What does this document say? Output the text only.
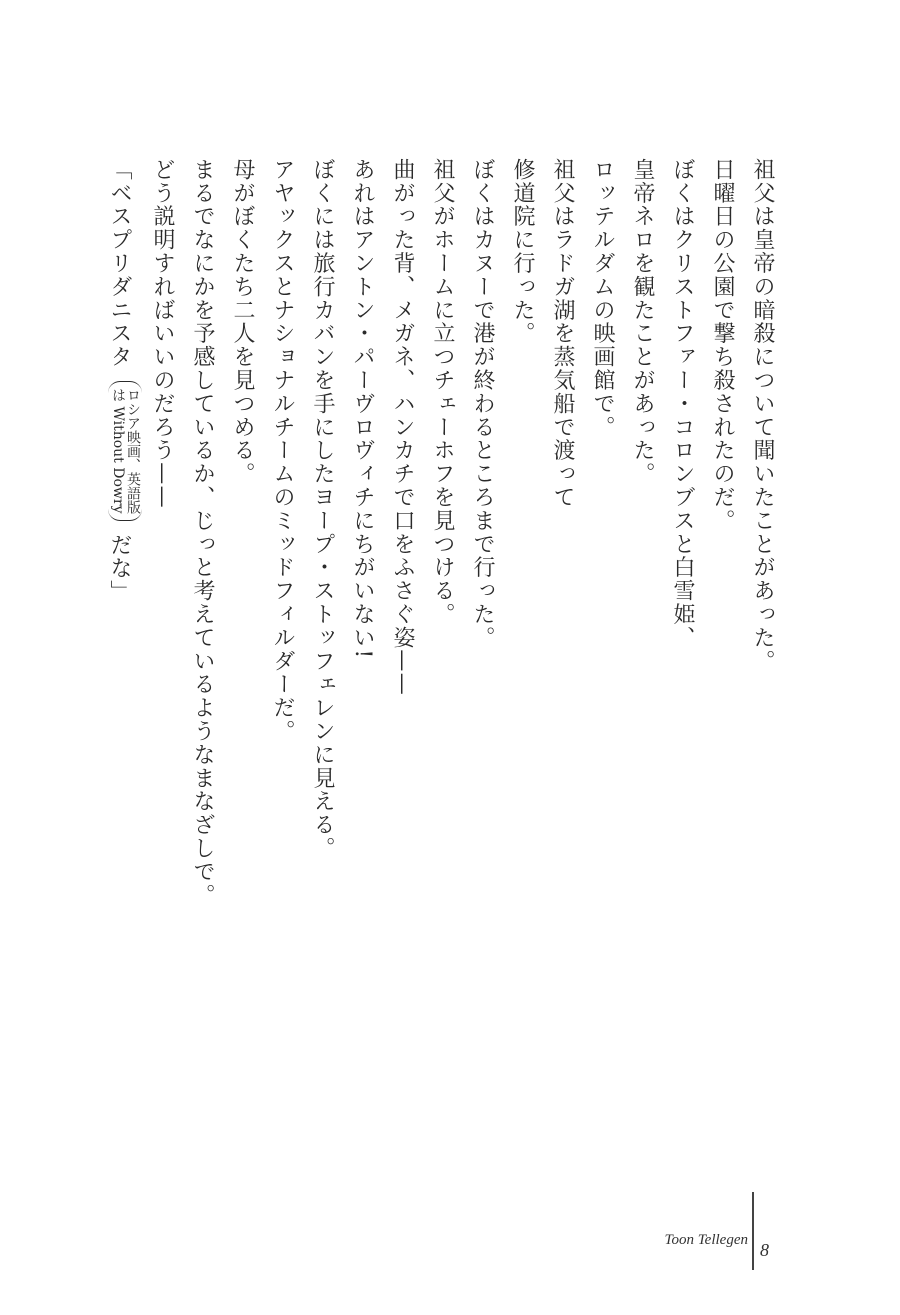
祖父は皇帝の暗殺について聞いたことがあった。
日曜日の公園で撃ち殺されたのだ。
ぼくはクリストファー・コロンブスと白雪姫、
皇帝ネロを観たことがあった。
ロッテルダムの映画館で。
祖父はラドガ湖を蒸気船で渡って
修道院に行った。
ぼくはカヌーで港が終わるところまで行った。
祖父がホームに立つチェーホフを見つける。
曲がった背、メガネ、ハンカチで口をふさぐ姿——
あれはアントン・パーヴロヴィチにちがいない!
ぼくには旅行カバンを手にしたヨープ・ストッフェレンに見える。
アヤックスとナショナルチームのミッドフィルダーだ。
母がぼくたち二人を見つめる。
まるでなにかを予感しているか、じっと考えているようなまなざしで。
どう説明すればいいのだろう——
「ベスプリダニスタ
ロシア映画、英語版
は Without Dowry
だな」
Toon Tellegen 8
